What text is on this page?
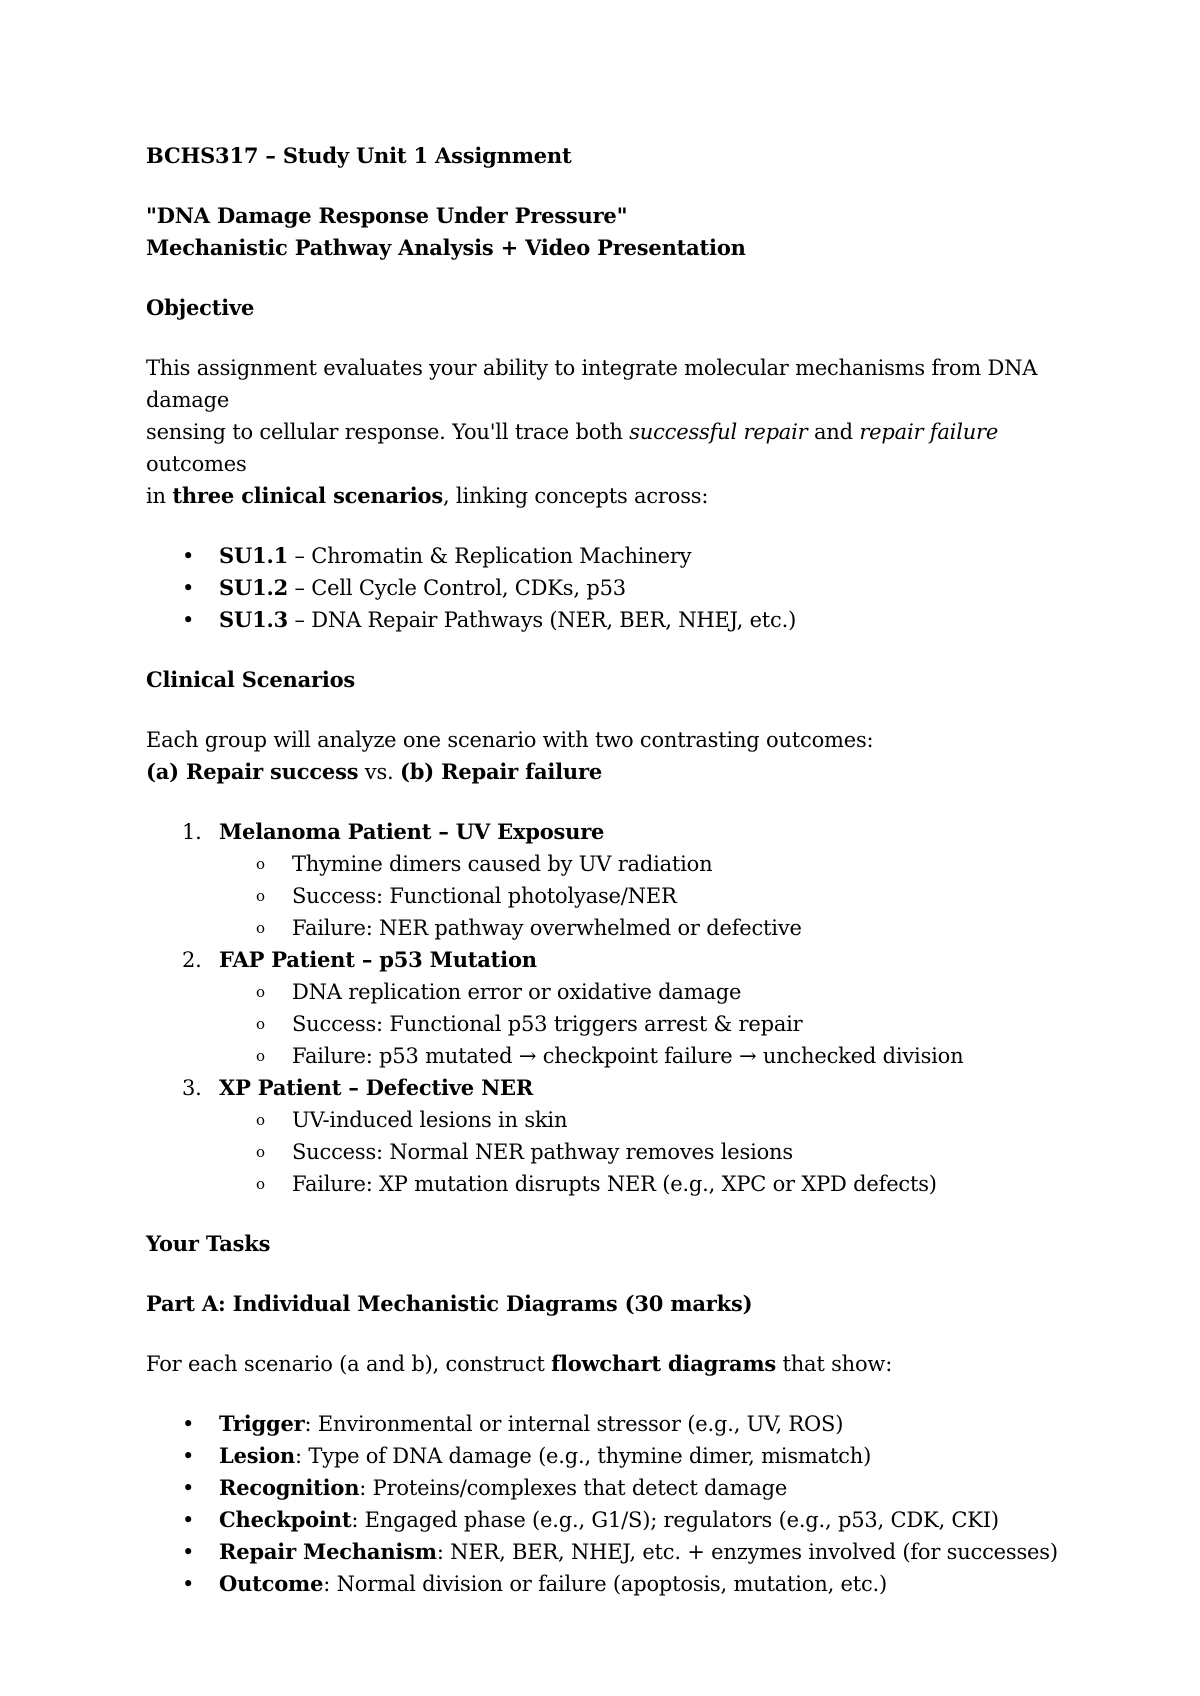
BCHS317 – Study Unit 1 Assignment

"DNA Damage Response Under Pressure"

Mechanistic Pathway Analysis + Video Presentation

Objective

This assignment evaluates your ability to integrate molecular mechanisms from DNA damage

sensing to cellular response. You'll trace both successful repair and repair failure outcomes

in three clinical scenarios, linking concepts across:

• SU1.1 – Chromatin & Replication Machinery
• SU1.2 – Cell Cycle Control, CDKs, p53
• SU1.3 – DNA Repair Pathways (NER, BER, NHEJ, etc.)

Clinical Scenarios

Each group will analyze one scenario with two contrasting outcomes:

(a) Repair success vs. (b) Repair failure

1. Melanoma Patient – UV Exposure
o Thymine dimers caused by UV radiation
o Success: Functional photolyase/NER
o Failure: NER pathway overwhelmed or defective
2. FAP Patient – p53 Mutation
o DNA replication error or oxidative damage
o Success: Functional p53 triggers arrest & repair
o Failure: p53 mutated → checkpoint failure → unchecked division
3. XP Patient – Defective NER
o UV-induced lesions in skin
o Success: Normal NER pathway removes lesions
o Failure: XP mutation disrupts NER (e.g., XPC or XPD defects)

Your Tasks

Part A: Individual Mechanistic Diagrams (30 marks)

For each scenario (a and b), construct flowchart diagrams that show:

• Trigger: Environmental or internal stressor (e.g., UV, ROS)
• Lesion: Type of DNA damage (e.g., thymine dimer, mismatch)
• Recognition: Proteins/complexes that detect damage
• Checkpoint: Engaged phase (e.g., G1/S); regulators (e.g., p53, CDK, CKI)
• Repair Mechanism: NER, BER, NHEJ, etc. + enzymes involved (for successes)
• Outcome: Normal division or failure (apoptosis, mutation, etc.)
